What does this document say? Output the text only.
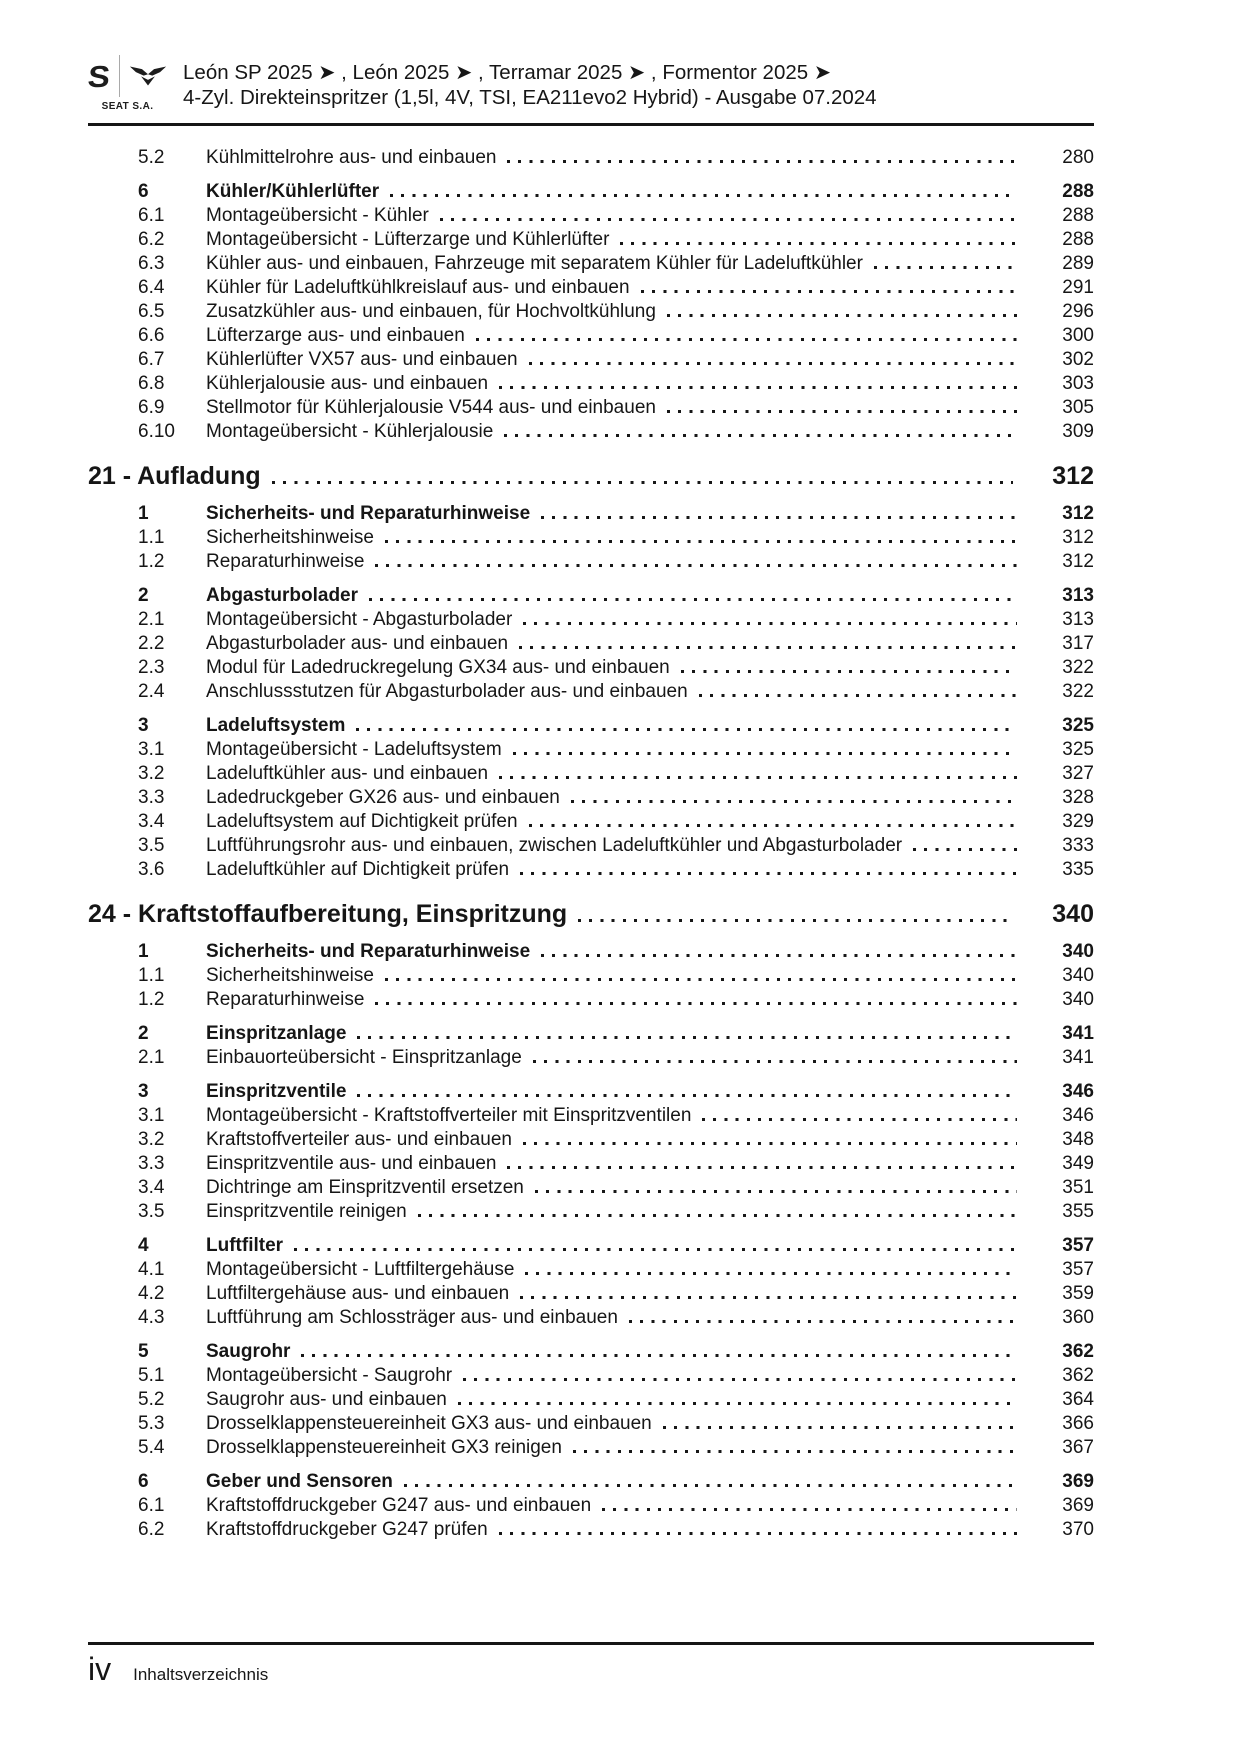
S
SEAT S.A.
León SP 2025 ➤ , León 2025 ➤ , Terramar 2025 ➤ , Formentor 2025 ➤
4-Zyl. Direkteinspritzer (1,5l, 4V, TSI, EA211evo2 Hybrid) - Ausgabe 07.2024
5.2	Kühlmittelrohre aus- und einbauen	280
6	Kühler/Kühlerlüfter	288
6.1	Montageübersicht - Kühler	288
6.2	Montageübersicht - Lüfterzarge und Kühlerlüfter	288
6.3	Kühler aus- und einbauen, Fahrzeuge mit separatem Kühler für Ladeluftkühler	289
6.4	Kühler für Ladeluftkühlkreislauf aus- und einbauen	291
6.5	Zusatzkühler aus- und einbauen, für Hochvoltkühlung	296
6.6	Lüfterzarge aus- und einbauen	300
6.7	Kühlerlüfter VX57 aus- und einbauen	302
6.8	Kühlerjalousie aus- und einbauen	303
6.9	Stellmotor für Kühlerjalousie V544 aus- und einbauen	305
6.10	Montageübersicht - Kühlerjalousie	309
21 - Aufladung	312
1	Sicherheits- und Reparaturhinweise	312
1.1	Sicherheitshinweise	312
1.2	Reparaturhinweise	312
2	Abgasturbolader	313
2.1	Montageübersicht - Abgasturbolader	313
2.2	Abgasturbolader aus- und einbauen	317
2.3	Modul für Ladedruckregelung GX34 aus- und einbauen	322
2.4	Anschlussstutzen für Abgasturbolader aus- und einbauen	322
3	Ladeluftsystem	325
3.1	Montageübersicht - Ladeluftsystem	325
3.2	Ladeluftkühler aus- und einbauen	327
3.3	Ladedruckgeber GX26 aus- und einbauen	328
3.4	Ladeluftsystem auf Dichtigkeit prüfen	329
3.5	Luftführungsrohr aus- und einbauen, zwischen Ladeluftkühler und Abgasturbolader	333
3.6	Ladeluftkühler auf Dichtigkeit prüfen	335
24 - Kraftstoffaufbereitung, Einspritzung	340
1	Sicherheits- und Reparaturhinweise	340
1.1	Sicherheitshinweise	340
1.2	Reparaturhinweise	340
2	Einspritzanlage	341
2.1	Einbauorteübersicht - Einspritzanlage	341
3	Einspritzventile	346
3.1	Montageübersicht - Kraftstoffverteiler mit Einspritzventilen	346
3.2	Kraftstoffverteiler aus- und einbauen	348
3.3	Einspritzventile aus- und einbauen	349
3.4	Dichtringe am Einspritzventil ersetzen	351
3.5	Einspritzventile reinigen	355
4	Luftfilter	357
4.1	Montageübersicht - Luftfiltergehäuse	357
4.2	Luftfiltergehäuse aus- und einbauen	359
4.3	Luftführung am Schlossträger aus- und einbauen	360
5	Saugrohr	362
5.1	Montageübersicht - Saugrohr	362
5.2	Saugrohr aus- und einbauen	364
5.3	Drosselklappensteuereinheit GX3 aus- und einbauen	366
5.4	Drosselklappensteuereinheit GX3 reinigen	367
6	Geber und Sensoren	369
6.1	Kraftstoffdruckgeber G247 aus- und einbauen	369
6.2	Kraftstoffdruckgeber G247 prüfen	370
iv Inhaltsverzeichnis
